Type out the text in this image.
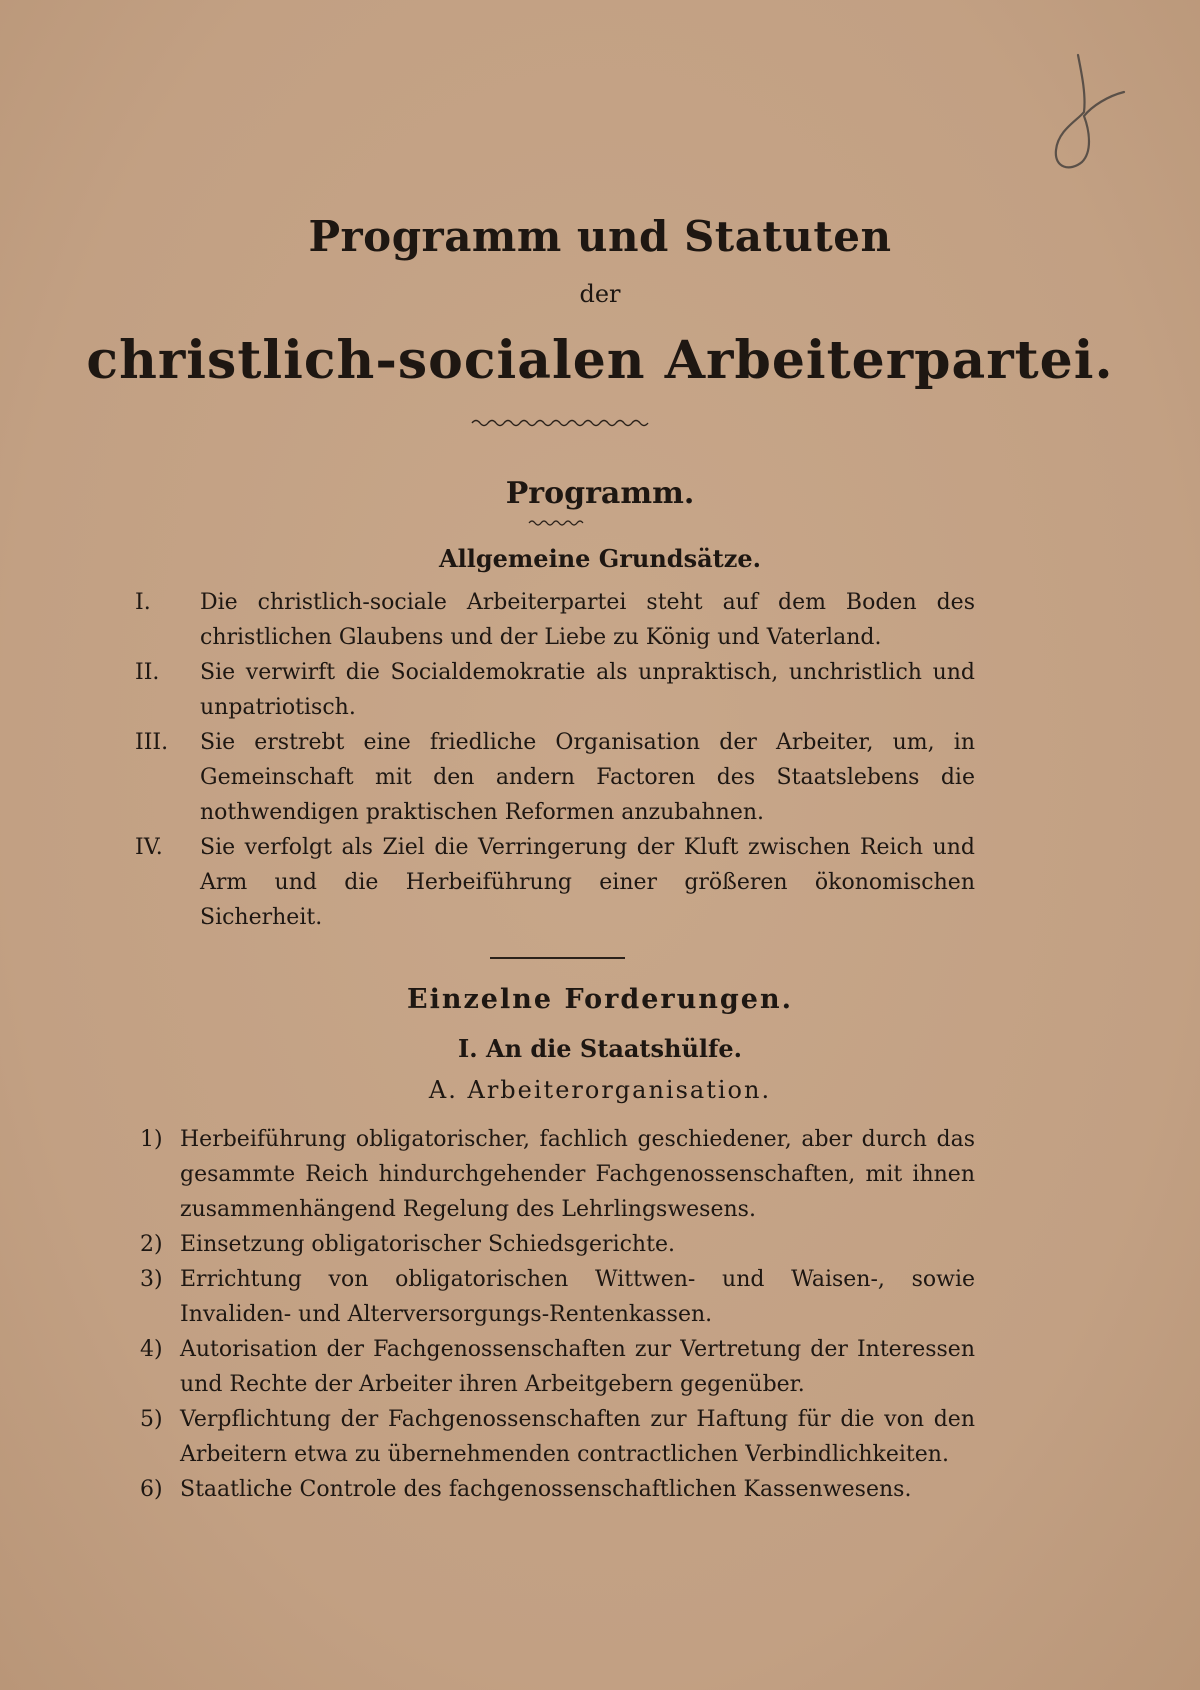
Programm und Statuten
der
christlich-socialen Arbeiterpartei.
Programm.
Allgemeine Grundsätze.
I.	Die christlich-sociale Arbeiterpartei steht auf dem Boden des christlichen Glaubens und der Liebe zu König und Vaterland.
II.	Sie verwirft die Socialdemokratie als unpraktisch, unchristlich und unpatriotisch.
III.	Sie erstrebt eine friedliche Organisation der Arbeiter, um, in Gemeinschaft mit den andern Factoren des Staatslebens die nothwendigen praktischen Reformen anzubahnen.
IV.	Sie verfolgt als Ziel die Verringerung der Kluft zwischen Reich und Arm und die Herbeiführung einer größeren ökonomischen Sicherheit.
Einzelne Forderungen.
I. An die Staatshülfe.
A. Arbeiterorganisation.
1) Herbeiführung obligatorischer, fachlich geschiedener, aber durch das gesammte Reich hindurchgehender Fachgenossenschaften, mit ihnen zusammenhängend Regelung des Lehrlingswesens.
2) Einsetzung obligatorischer Schiedsgerichte.
3) Errichtung von obligatorischen Wittwen- und Waisen-, sowie Invaliden- und Alterversorgungs-Rentenkassen.
4) Autorisation der Fachgenossenschaften zur Vertretung der Interessen und Rechte der Arbeiter ihren Arbeitgebern gegenüber.
5) Verpflichtung der Fachgenossenschaften zur Haftung für die von den Arbeitern etwa zu übernehmenden contractlichen Verbindlichkeiten.
6) Staatliche Controle des fachgenossenschaftlichen Kassenwesens.
